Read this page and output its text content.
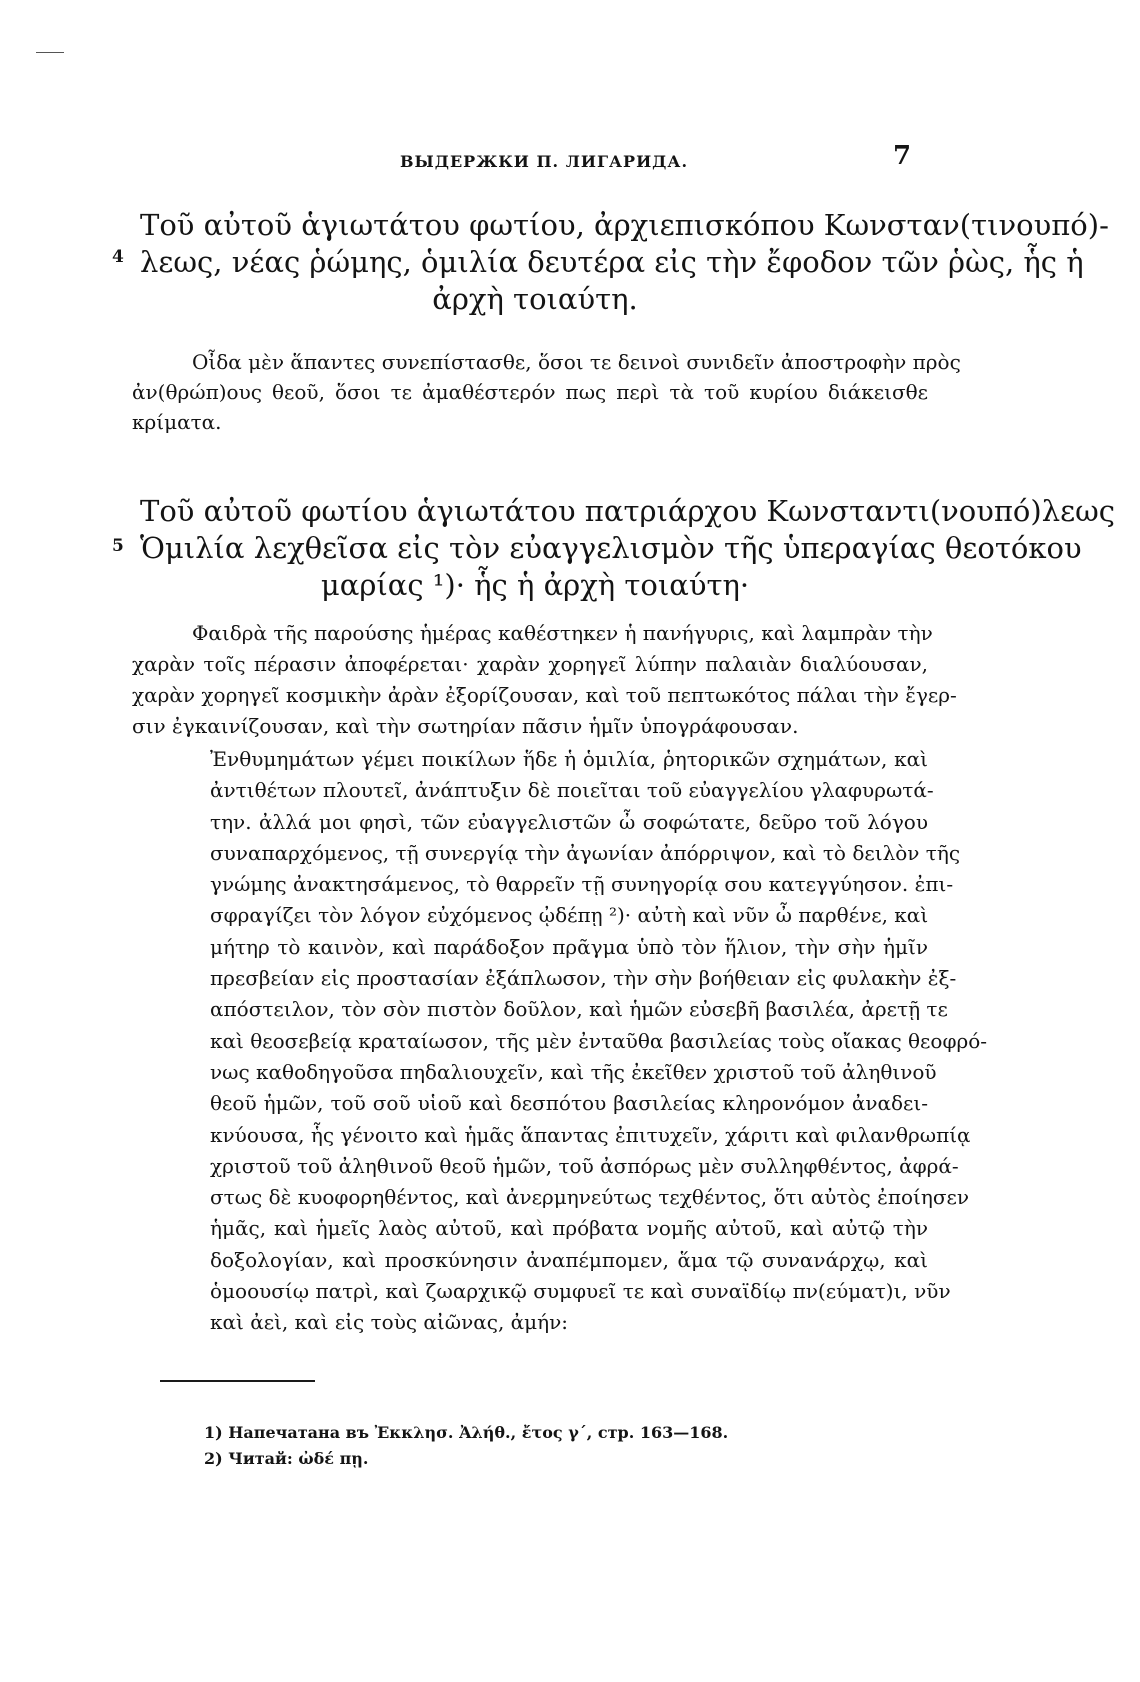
ВЫДЕРЖКИ П. ЛИГАРИДА.	7
4
Τοῦ αὐτοῦ ἁγιωτάτου φωτίου, ἀρχιεπισκόπου Κωνσταν(τινουπό)-
λεως, νέας ῥώμης, ὁμιλία δευτέρα εἰς τὴν ἔφοδον τῶν ῥὼς, ἧς ἡ
ἀρχὴ τοιαύτη.
Οἶδα μὲν ἅπαντες συνεπίστασθε, ὅσοι τε δεινοὶ συνιδεῖν ἀποστροφὴν πρὸς
ἀν(θρώπ)ους θεοῦ, ὅσοι τε ἀμαθέστερόν πως περὶ τὰ τοῦ κυρίου διάκεισθε
κρίματα.
5
Τοῦ αὐτοῦ φωτίου ἁγιωτάτου πατριάρχου Κωνσταντι(νουπό)λεως
Ὁμιλία λεχθεῖσα εἰς τὸν εὐαγγελισμὸν τῆς ὑπεραγίας θεοτόκου
μαρίας ¹)· ἧς ἡ ἀρχὴ τοιαύτη·
Φαιδρὰ τῆς παρούσης ἡμέρας καθέστηκεν ἡ πανήγυρις, καὶ λαμπρὰν τὴν
χαρὰν τοῖς πέρασιν ἀποφέρεται· χαρὰν χορηγεῖ λύπην παλαιὰν διαλύουσαν,
χαρὰν χορηγεῖ κοσμικὴν ἀρὰν ἐξορίζουσαν, καὶ τοῦ πεπτωκότος πάλαι τὴν ἔγερ-
σιν ἐγκαινίζουσαν, καὶ τὴν σωτηρίαν πᾶσιν ἡμῖν ὑπογράφουσαν.
Ἐνθυμημάτων γέμει ποικίλων ἥδε ἡ ὁμιλία, ῥητορικῶν σχημάτων, καὶ
ἀντιθέτων πλουτεῖ, ἀνάπτυξιν δὲ ποιεῖται τοῦ εὐαγγελίου γλαφυρωτά-
την. ἀλλά μοι φησὶ, τῶν εὐαγγελιστῶν ὦ σοφώτατε, δεῦρο τοῦ λόγου
συναπαρχόμενος, τῇ συνεργίᾳ τὴν ἀγωνίαν ἀπόρριψον, καὶ τὸ δειλὸν τῆς
γνώμης ἀνακτησάμενος, τὸ θαρρεῖν τῇ συνηγορίᾳ σου κατεγγύησον. ἐπι-
σφραγίζει τὸν λόγον εὐχόμενος ᾠδέπῃ ²)· αὐτὴ καὶ νῦν ὦ παρθένε, καὶ
μήτηρ τὸ καινὸν, καὶ παράδοξον πρᾶγμα ὑπὸ τὸν ἥλιον, τὴν σὴν ἡμῖν
πρεσβείαν εἰς προστασίαν ἐξάπλωσον, τὴν σὴν βοήθειαν εἰς φυλακὴν ἐξ-
απόστειλον, τὸν σὸν πιστὸν δοῦλον, καὶ ἡμῶν εὐσεβῆ βασιλέα, ἀρετῇ τε
καὶ θεοσεβείᾳ κραταίωσον, τῆς μὲν ἐνταῦθα βασιλείας τοὺς οἴακας θεοφρό-
νως καθοδηγοῦσα πηδαλιουχεῖν, καὶ τῆς ἐκεῖθεν χριστοῦ τοῦ ἀληθινοῦ
θεοῦ ἡμῶν, τοῦ σοῦ υἱοῦ καὶ δεσπότου βασιλείας κληρονόμον ἀναδει-
κνύουσα, ἧς γένοιτο καὶ ἡμᾶς ἅπαντας ἐπιτυχεῖν, χάριτι καὶ φιλανθρωπίᾳ
χριστοῦ τοῦ ἀληθινοῦ θεοῦ ἡμῶν, τοῦ ἀσπόρως μὲν συλληφθέντος, ἀφρά-
στως δὲ κυοφορηθέντος, καὶ ἀνερμηνεύτως τεχθέντος, ὅτι αὐτὸς ἐποίησεν
ἡμᾶς, καὶ ἡμεῖς λαὸς αὐτοῦ, καὶ πρόβατα νομῆς αὐτοῦ, καὶ αὐτῷ τὴν
δοξολογίαν, καὶ προσκύνησιν ἀναπέμπομεν, ἅμα τῷ συνανάρχῳ, καὶ
ὁμοουσίῳ πατρὶ, καὶ ζωαρχικῷ συμφυεῖ τε καὶ συναϊδίῳ πν(εύματ)ι, νῦν
καὶ ἀεὶ, καὶ εἰς τοὺς αἰῶνας, ἀμήν:
1) Напечатана въ Ἐκκλησ. Ἀλήθ., ἔτος γ΄, стр. 163—168.
2) Читай: ὠδέ πῃ.
